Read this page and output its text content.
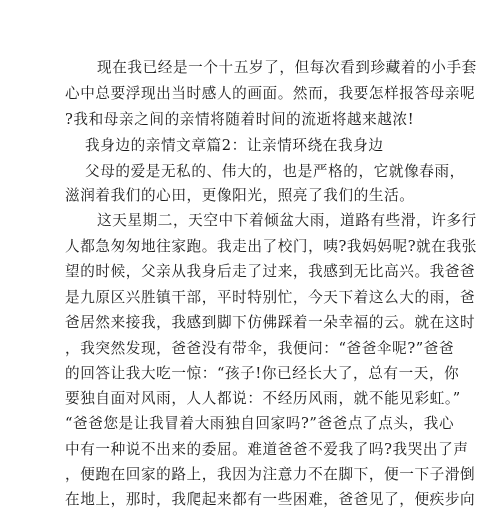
现在我已经是一个十五岁了，但每次看到珍藏着的小手套
心中总要浮现出当时感人的画面。然而，我要怎样报答母亲呢
?我和母亲之间的亲情将随着时间的流逝将越来越浓!
我身边的亲情文章篇2：让亲情环绕在我身边
父母的爱是无私的、伟大的，也是严格的，它就像春雨，
滋润着我们的心田，更像阳光，照亮了我们的生活。
这天星期二，天空中下着倾盆大雨，道路有些滑，许多行
人都急匆匆地往家跑。我走出了校门，咦?我妈妈呢?就在我张
望的时候，父亲从我身后走了过来，我感到无比高兴。我爸爸
是九原区兴胜镇干部，平时特别忙，今天下着这么大的雨，爸
爸居然来接我，我感到脚下仿佛踩着一朵幸福的云。就在这时
，我突然发现，爸爸没有带伞，我便问：“爸爸伞呢?”爸爸
的回答让我大吃一惊：“孩子!你已经长大了，总有一天，你
要独自面对风雨，人人都说：不经历风雨，就不能见彩虹。”
“爸爸您是让我冒着大雨独自回家吗?”爸爸点了点头，我心
中有一种说不出来的委屈。难道爸爸不爱我了吗?我哭出了声
，便跑在回家的路上，我因为注意力不在脚下，便一下子滑倒
在地上，那时，我爬起来都有一些困难，爸爸见了，便疾步向
